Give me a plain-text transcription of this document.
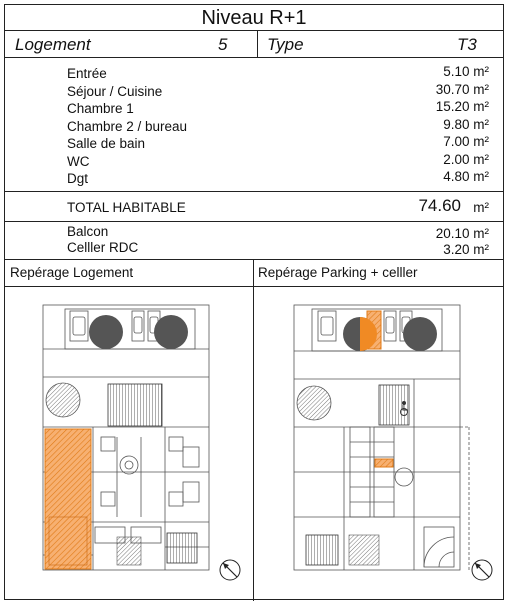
Niveau R+1
Logement	5 Type	T3
Entrée	5.10 m²
Séjour / Cuisine	30.70 m²
Chambre 1	15.20 m²
Chambre 2 / bureau	9.80 m²
Salle de bain	7.00 m²
WC	2.00 m²
Dgt	4.80 m²
TOTAL HABITABLE	74.60 m²
Balcon	20.10 m²
Celller RDC	3.20 m²
Repérage Logement	Repérage Parking + celller
